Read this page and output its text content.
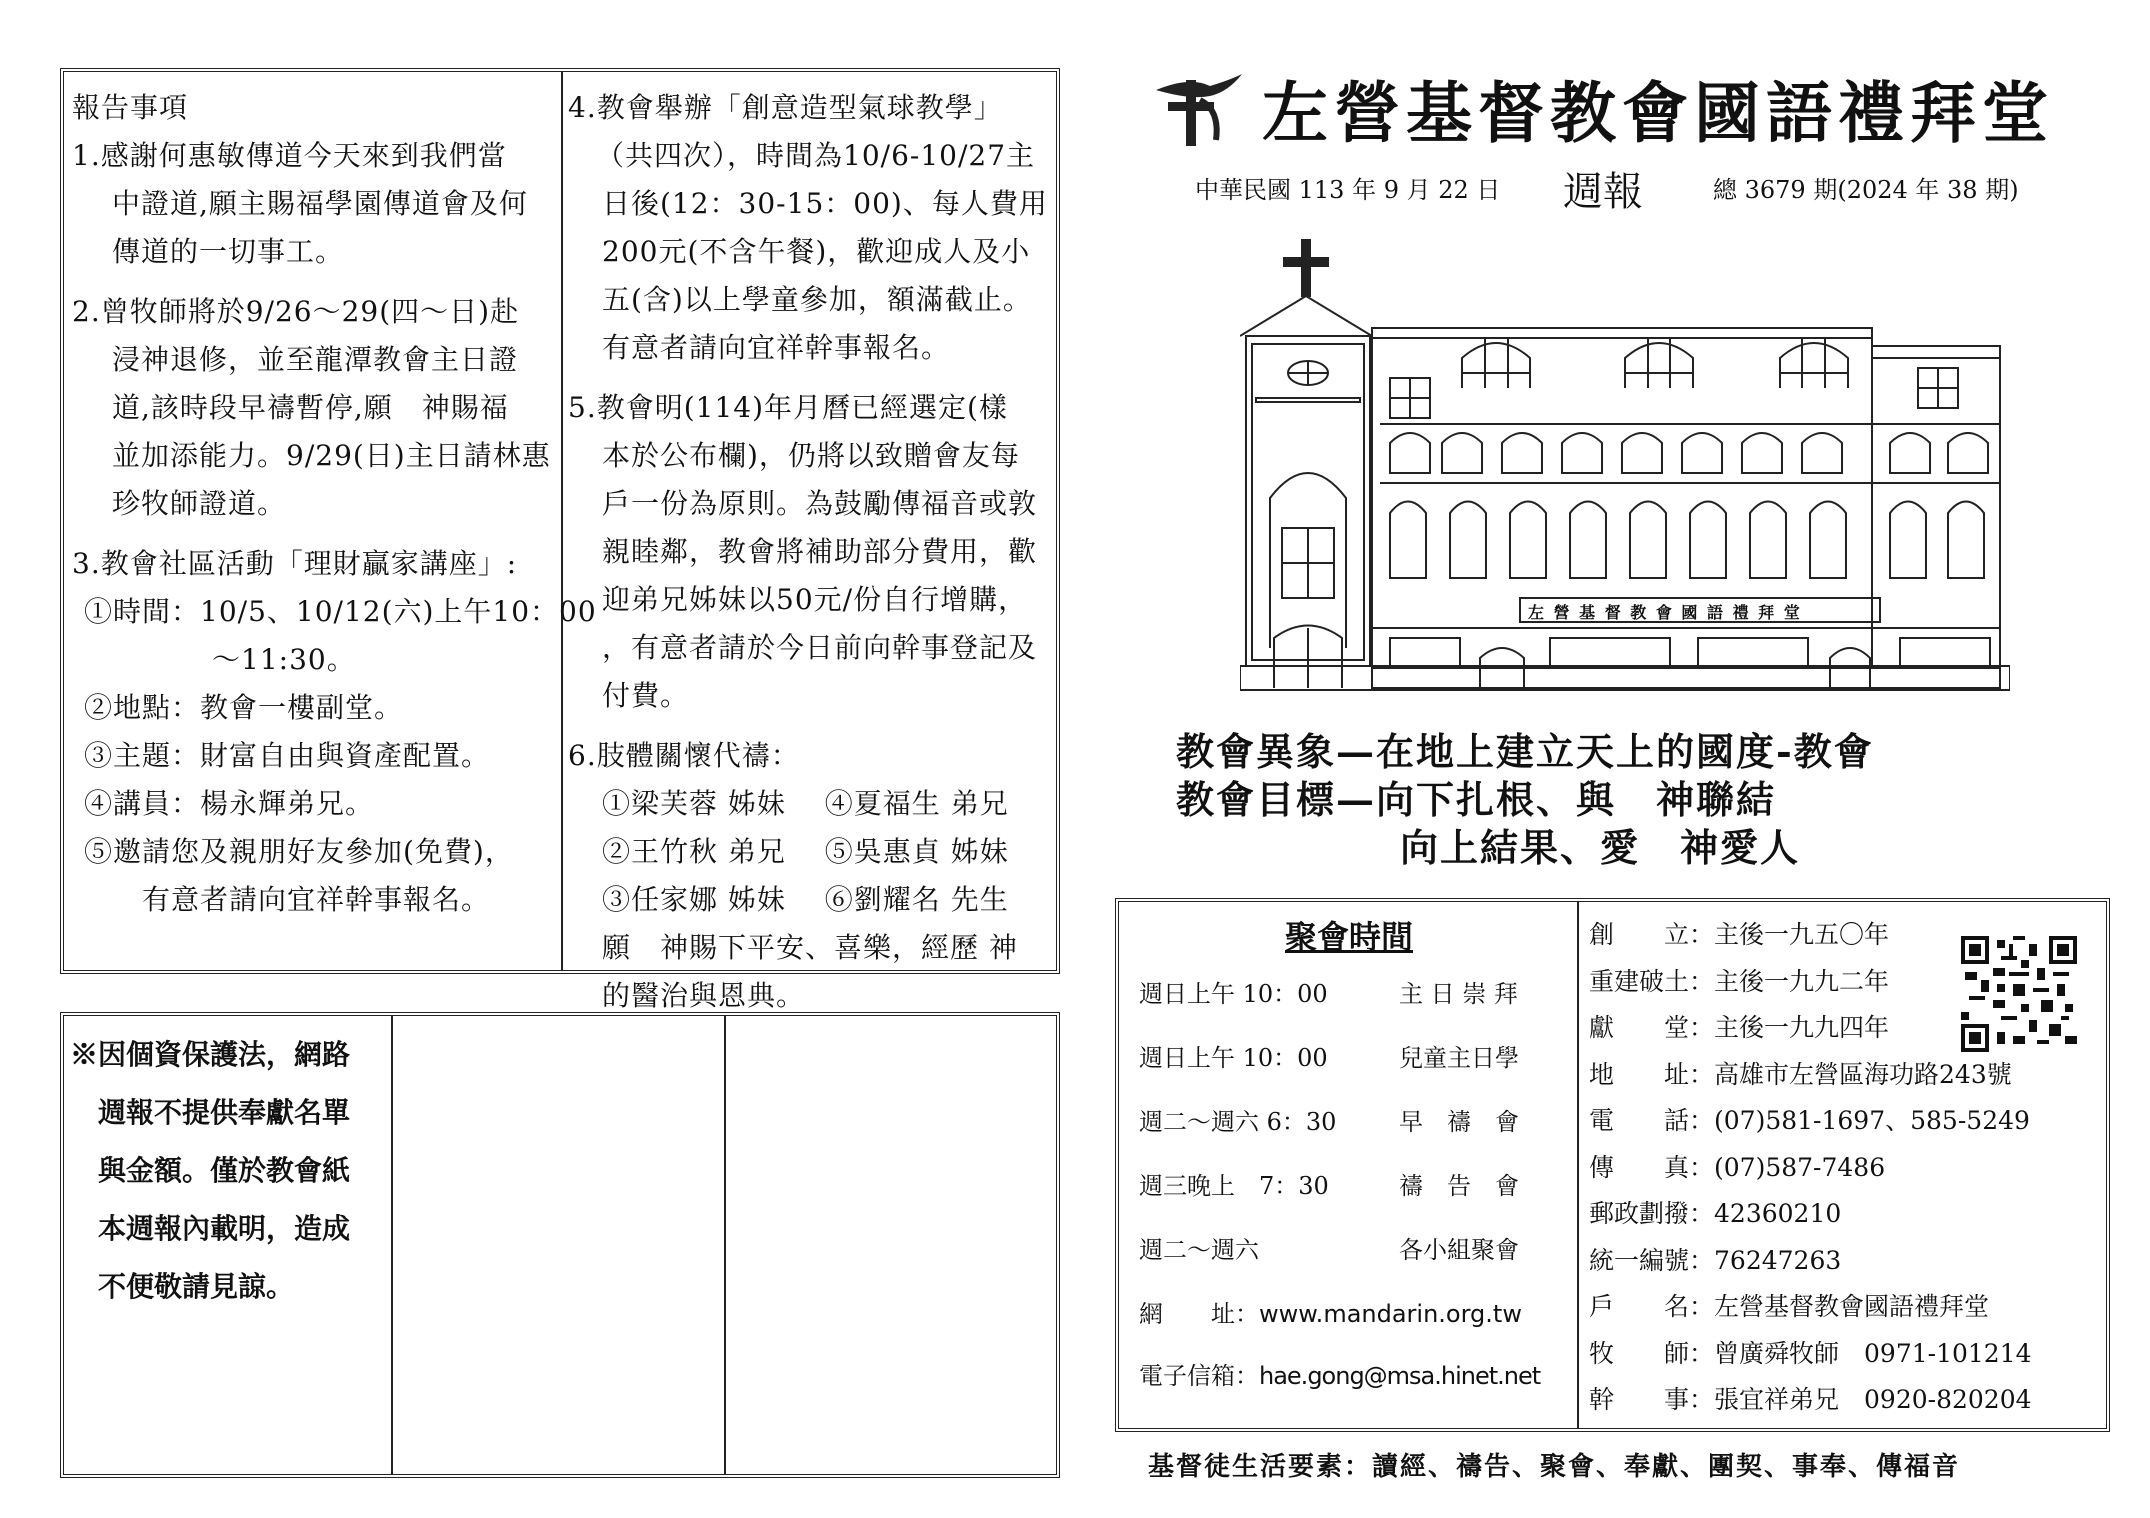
報告事項
1.感謝何惠敏傳道今天來到我們當
中證道,願主賜福學園傳道會及何
傳道的一切事工。
2.曾牧師將於9/26～29(四～日)赴
浸神退修，並至龍潭教會主日證
道,該時段早禱暫停,願　神賜福
並加添能力。9/29(日)主日請林惠
珍牧師證道。
3.教會社區活動「理財贏家講座」:
①時間：10/5、10/12(六)上午10：00
～11:30。
②地點：教會一樓副堂。
③主題：財富自由與資產配置。
④講員：楊永輝弟兄。
⑤邀請您及親朋好友參加(免費)，
有意者請向宜祥幹事報名。
4.教會舉辦「創意造型氣球教學」
（共四次），時間為10/6-10/27主
日後(12：30-15：00)、每人費用
200元(不含午餐)，歡迎成人及小
五(含)以上學童參加，額滿截止。
有意者請向宜祥幹事報名。
5.教會明(114)年月曆已經選定(樣
本於公布欄)，仍將以致贈會友每
戶一份為原則。為鼓勵傳福音或敦
親睦鄰，教會將補助部分費用，歡
迎弟兄姊妹以50元/份自行增購，
，有意者請於今日前向幹事登記及
付費。
6.肢體關懷代禱：
①梁芙蓉 姊妹　 ④夏福生 弟兄
②王竹秋 弟兄　 ⑤吳惠貞 姊妹
③任家娜 姊妹　 ⑥劉耀名 先生
願　神賜下平安、喜樂，經歷 神
的醫治與恩典。
※因個資保護法，網路
週報不提供奉獻名單
與金額。僅於教會紙
本週報內載明，造成
不便敬請見諒。
左營基督教會國語禮拜堂
中華民國 113 年 9 月 22 日 週報	總 3679 期(2024 年 38 期)
左 營 基 督 教 會 國 語 禮 拜 堂
教會異象—在地上建立天上的國度-教會
教會目標—向下扎根、與　神聯結
向上結果、愛　神愛人
聚會時間
週日上午 10：00	主 日 崇 拜
週日上午 10：00	兒童主日學
週二～週六 6：30	早　禱　會
週三晚上　7：30	禱　告　會
週二～週六	各小組聚會
網　　址：www.mandarin.org.tw
電子信箱：hae.gong@msa.hinet.net
創　　立：主後一九五〇年
重建破土：主後一九九二年
獻　　堂：主後一九九四年
地　　址：高雄市左營區海功路243號
電　　話：(07)581-1697、585-5249
傳　　真：(07)587-7486
郵政劃撥：42360210
統一編號：76247263
戶　　名：左營基督教會國語禮拜堂
牧　　師：曾廣舜牧師　0971-101214
幹　　事：張宜祥弟兄　0920-820204
基督徒生活要素：讀經、禱告、聚會、奉獻、團契、事奉、傳福音
